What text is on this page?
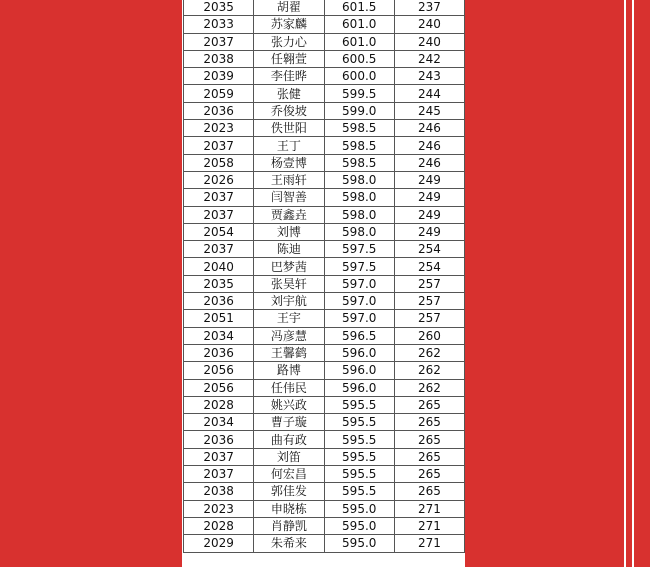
2035	胡翟	601.5	237
2033	苏家麟	601.0	240
2037	张力心	601.0	240
2038	任翱萱	600.5	242
2039	李佳晔	600.0	243
2059	张健	599.5	244
2036	乔俊坡	599.0	245
2023	佚世阳	598.5	246
2037	王丁	598.5	246
2058	杨壹博	598.5	246
2026	王雨轩	598.0	249
2037	闫智善	598.0	249
2037	贾鑫垚	598.0	249
2054	刘博	598.0	249
2037	陈迪	597.5	254
2040	巴梦茜	597.5	254
2035	张昊轩	597.0	257
2036	刘宇航	597.0	257
2051	王宇	597.0	257
2034	冯彦慧	596.5	260
2036	王馨鹤	596.0	262
2056	路博	596.0	262
2056	任伟民	596.0	262
2028	姚兴政	595.5	265
2034	曹子璇	595.5	265
2036	曲有政	595.5	265
2037	刘笛	595.5	265
2037	何宏昌	595.5	265
2038	郭佳发	595.5	265
2023	申晓栋	595.0	271
2028	肖静凯	595.0	271
2029	朱希来	595.0	271
